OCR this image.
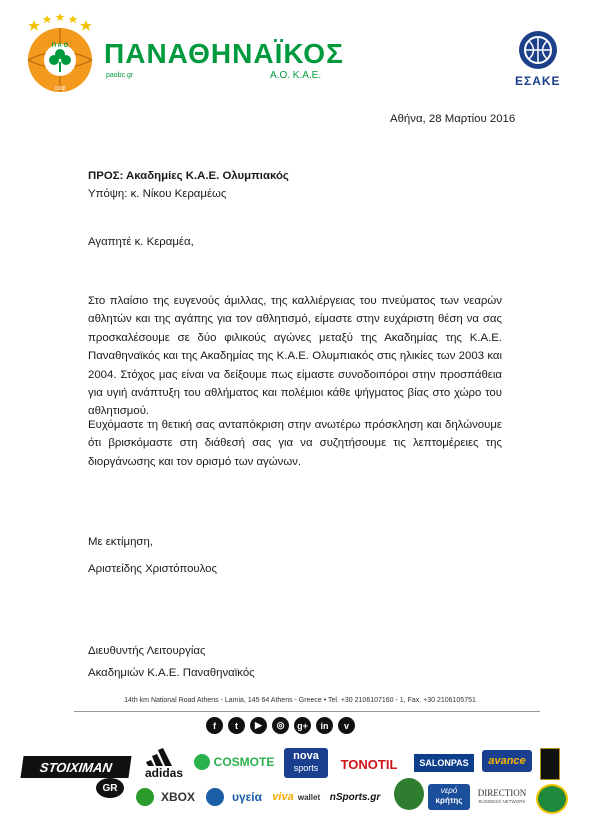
Π Α Ο
1908
ΠΑΝΑΘΗΝΑΪΚΟΣ
paobc.gr	Α.Ο. Κ.Α.Ε.	ΕΣΑΚΕ
Αθήνα, 28 Μαρτίου 2016
ΠΡΟΣ: Ακαδημίες Κ.Α.Ε. Ολυμπιακός
Υπόψη: κ. Νίκου Κεραμέως
Αγαπητέ κ. Κεραμέα,
Στο πλαίσιο της ευγενούς άμιλλας, της καλλιέργειας του πνεύματος των νεαρών αθλητών και της αγάπης για τον αθλητισμό, είμαστε στην ευχάριστη θέση να σας προσκαλέσουμε σε δύο φιλικούς αγώνες μεταξύ της Ακαδημίας της Κ.Α.Ε. Παναθηναϊκός και της Ακαδημίας της Κ.Α.Ε. Ολυμπιακός στις ηλικίες των 2003 και 2004. Στόχος μας είναι να δείξουμε πως είμαστε συνοδοιπόροι στην προσπάθεια για υγιή ανάπτυξη του αθλήματος και πολέμιοι κάθε ψήγματος βίας στο χώρο του αθλητισμού.
Ευχόμαστε τη θετική σας ανταπόκριση στην ανωτέρω πρόσκληση και δηλώνουμε ότι βρισκόμαστε στη διάθεσή σας για να συζητήσουμε τις λεπτομέρειες της διοργάνωσης και τον ορισμό των αγώνων.
Με εκτίμηση,
Αριστείδης Χριστόπουλος
Διευθυντής Λειτουργίας
Ακαδημιών Κ.Α.Ε. Παναθηναϊκός
14th km National Road Athens - Lamia, 145 64 Athens - Greece • Tel. +30 2106107160 - 1, Fax. +30 2106105751
f	t	▶	◎	g+	in	v
STOIXIMAN
GR
adidas
COSMOTE	nova
sports	TONOTIL	SALONPAS	avance
XBOX	υγεία viva wallet nSports.gr
νερό
κρήτης
DIRECTION
BUSINESS NETWORK
